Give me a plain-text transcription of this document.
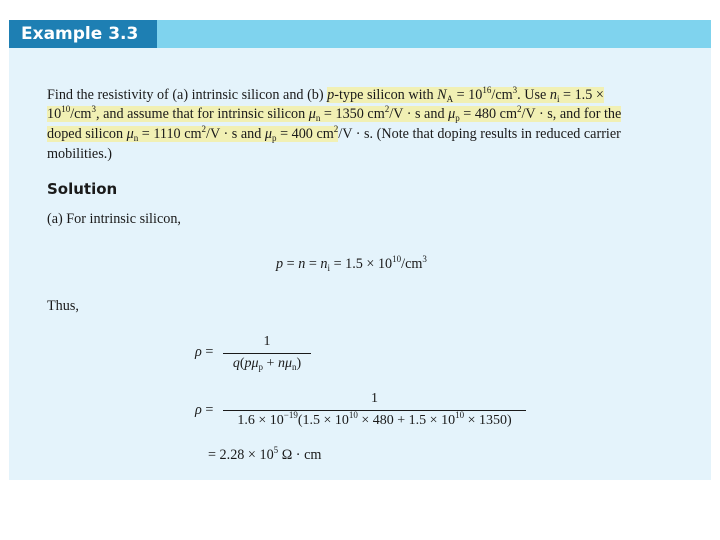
Example 3.3
Find the resistivity of (a) intrinsic silicon and (b) p-type silicon with $N_A = 10^{16}/cm^3$. Use $n_i = 1.5$ ×
$10^{10}/cm^3$, and assume that for intrinsic silicon $\mu_n = 1350$ $cm^2/V \cdot s$ and $\mu_p = 480$ $cm^2/V \cdot s$, and for the
doped silicon $\mu_n = 1110$ $cm^2/V \cdot s$ and $\mu_p = 400$ $cm^2/V \cdot s$. (Note that doping results in reduced carrier
mobilities.)
Solution
(a) For intrinsic silicon,
$p = n = n_i = 1.5 \times 10^{10}/cm^3$
Thus,
ρ =
1
$q(p\mu_p + n\mu_n)$
ρ =
1
$1.6 \times 10^{-19}(1.5 \times 10^{10} \times 480 + 1.5 \times 10^{10} \times 1350)$
= $2.28 \times 10^5$ Ω · cm
